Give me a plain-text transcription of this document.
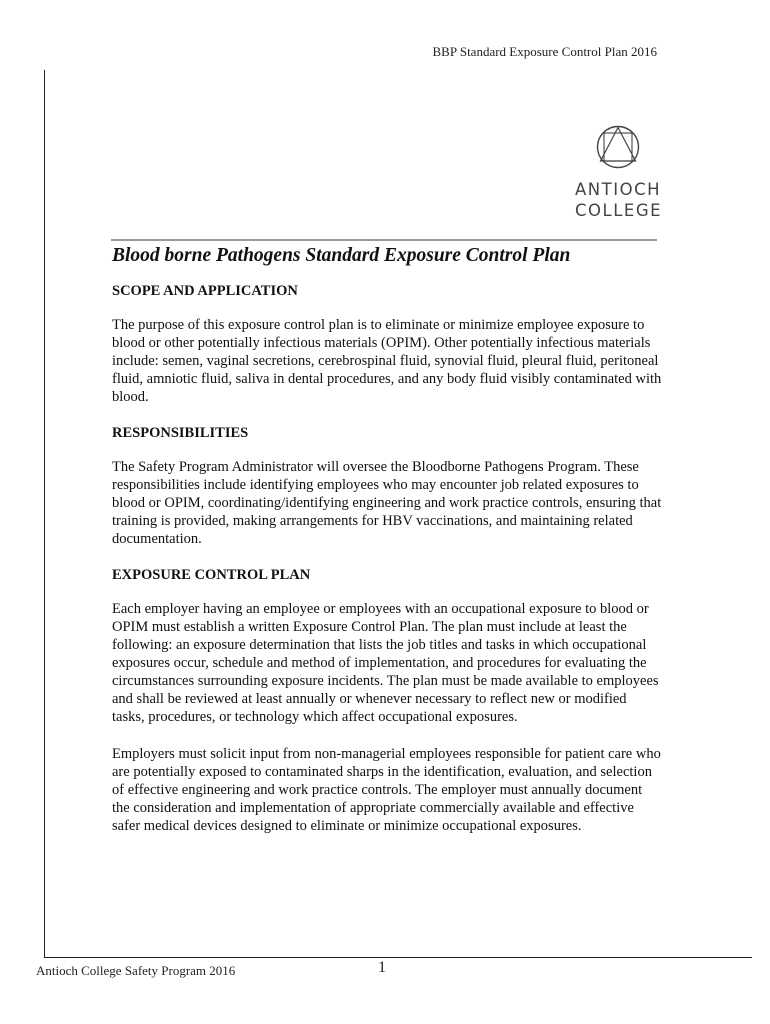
BBP Standard Exposure Control Plan 2016
ANTIOCH
COLLEGE
Blood borne Pathogens Standard Exposure Control Plan
SCOPE AND APPLICATION

The purpose of this exposure control plan is to eliminate or minimize employee exposure to blood or other potentially infectious materials (OPIM). Other potentially infectious materials include: semen, vaginal secretions, cerebrospinal fluid, synovial fluid, pleural fluid, peritoneal fluid, amniotic fluid, saliva in dental procedures, and any body fluid visibly contaminated with blood.

RESPONSIBILITIES

The Safety Program Administrator will oversee the Bloodborne Pathogens Program. These responsibilities include identifying employees who may encounter job related exposures to blood or OPIM, coordinating/identifying engineering and work practice controls, ensuring that training is provided, making arrangements for HBV vaccinations, and maintaining related documentation.

EXPOSURE CONTROL PLAN

Each employer having an employee or employees with an occupational exposure to blood or OPIM must establish a written Exposure Control Plan. The plan must include at least the following: an exposure determination that lists the job titles and tasks in which occupational exposures occur, schedule and method of implementation, and procedures for evaluating the circumstances surrounding exposure incidents. The plan must be made available to employees and shall be reviewed at least annually or whenever necessary to reflect new or modified tasks, procedures, or technology which affect occupational exposures.

Employers must solicit input from non-managerial employees responsible for patient care who are potentially exposed to contaminated sharps in the identification, evaluation, and selection of effective engineering and work practice controls. The employer must annually document the consideration and implementation of appropriate commercially available and effective safer medical devices designed to eliminate or minimize occupational exposures.

Antioch College Safety Program 2016	1
